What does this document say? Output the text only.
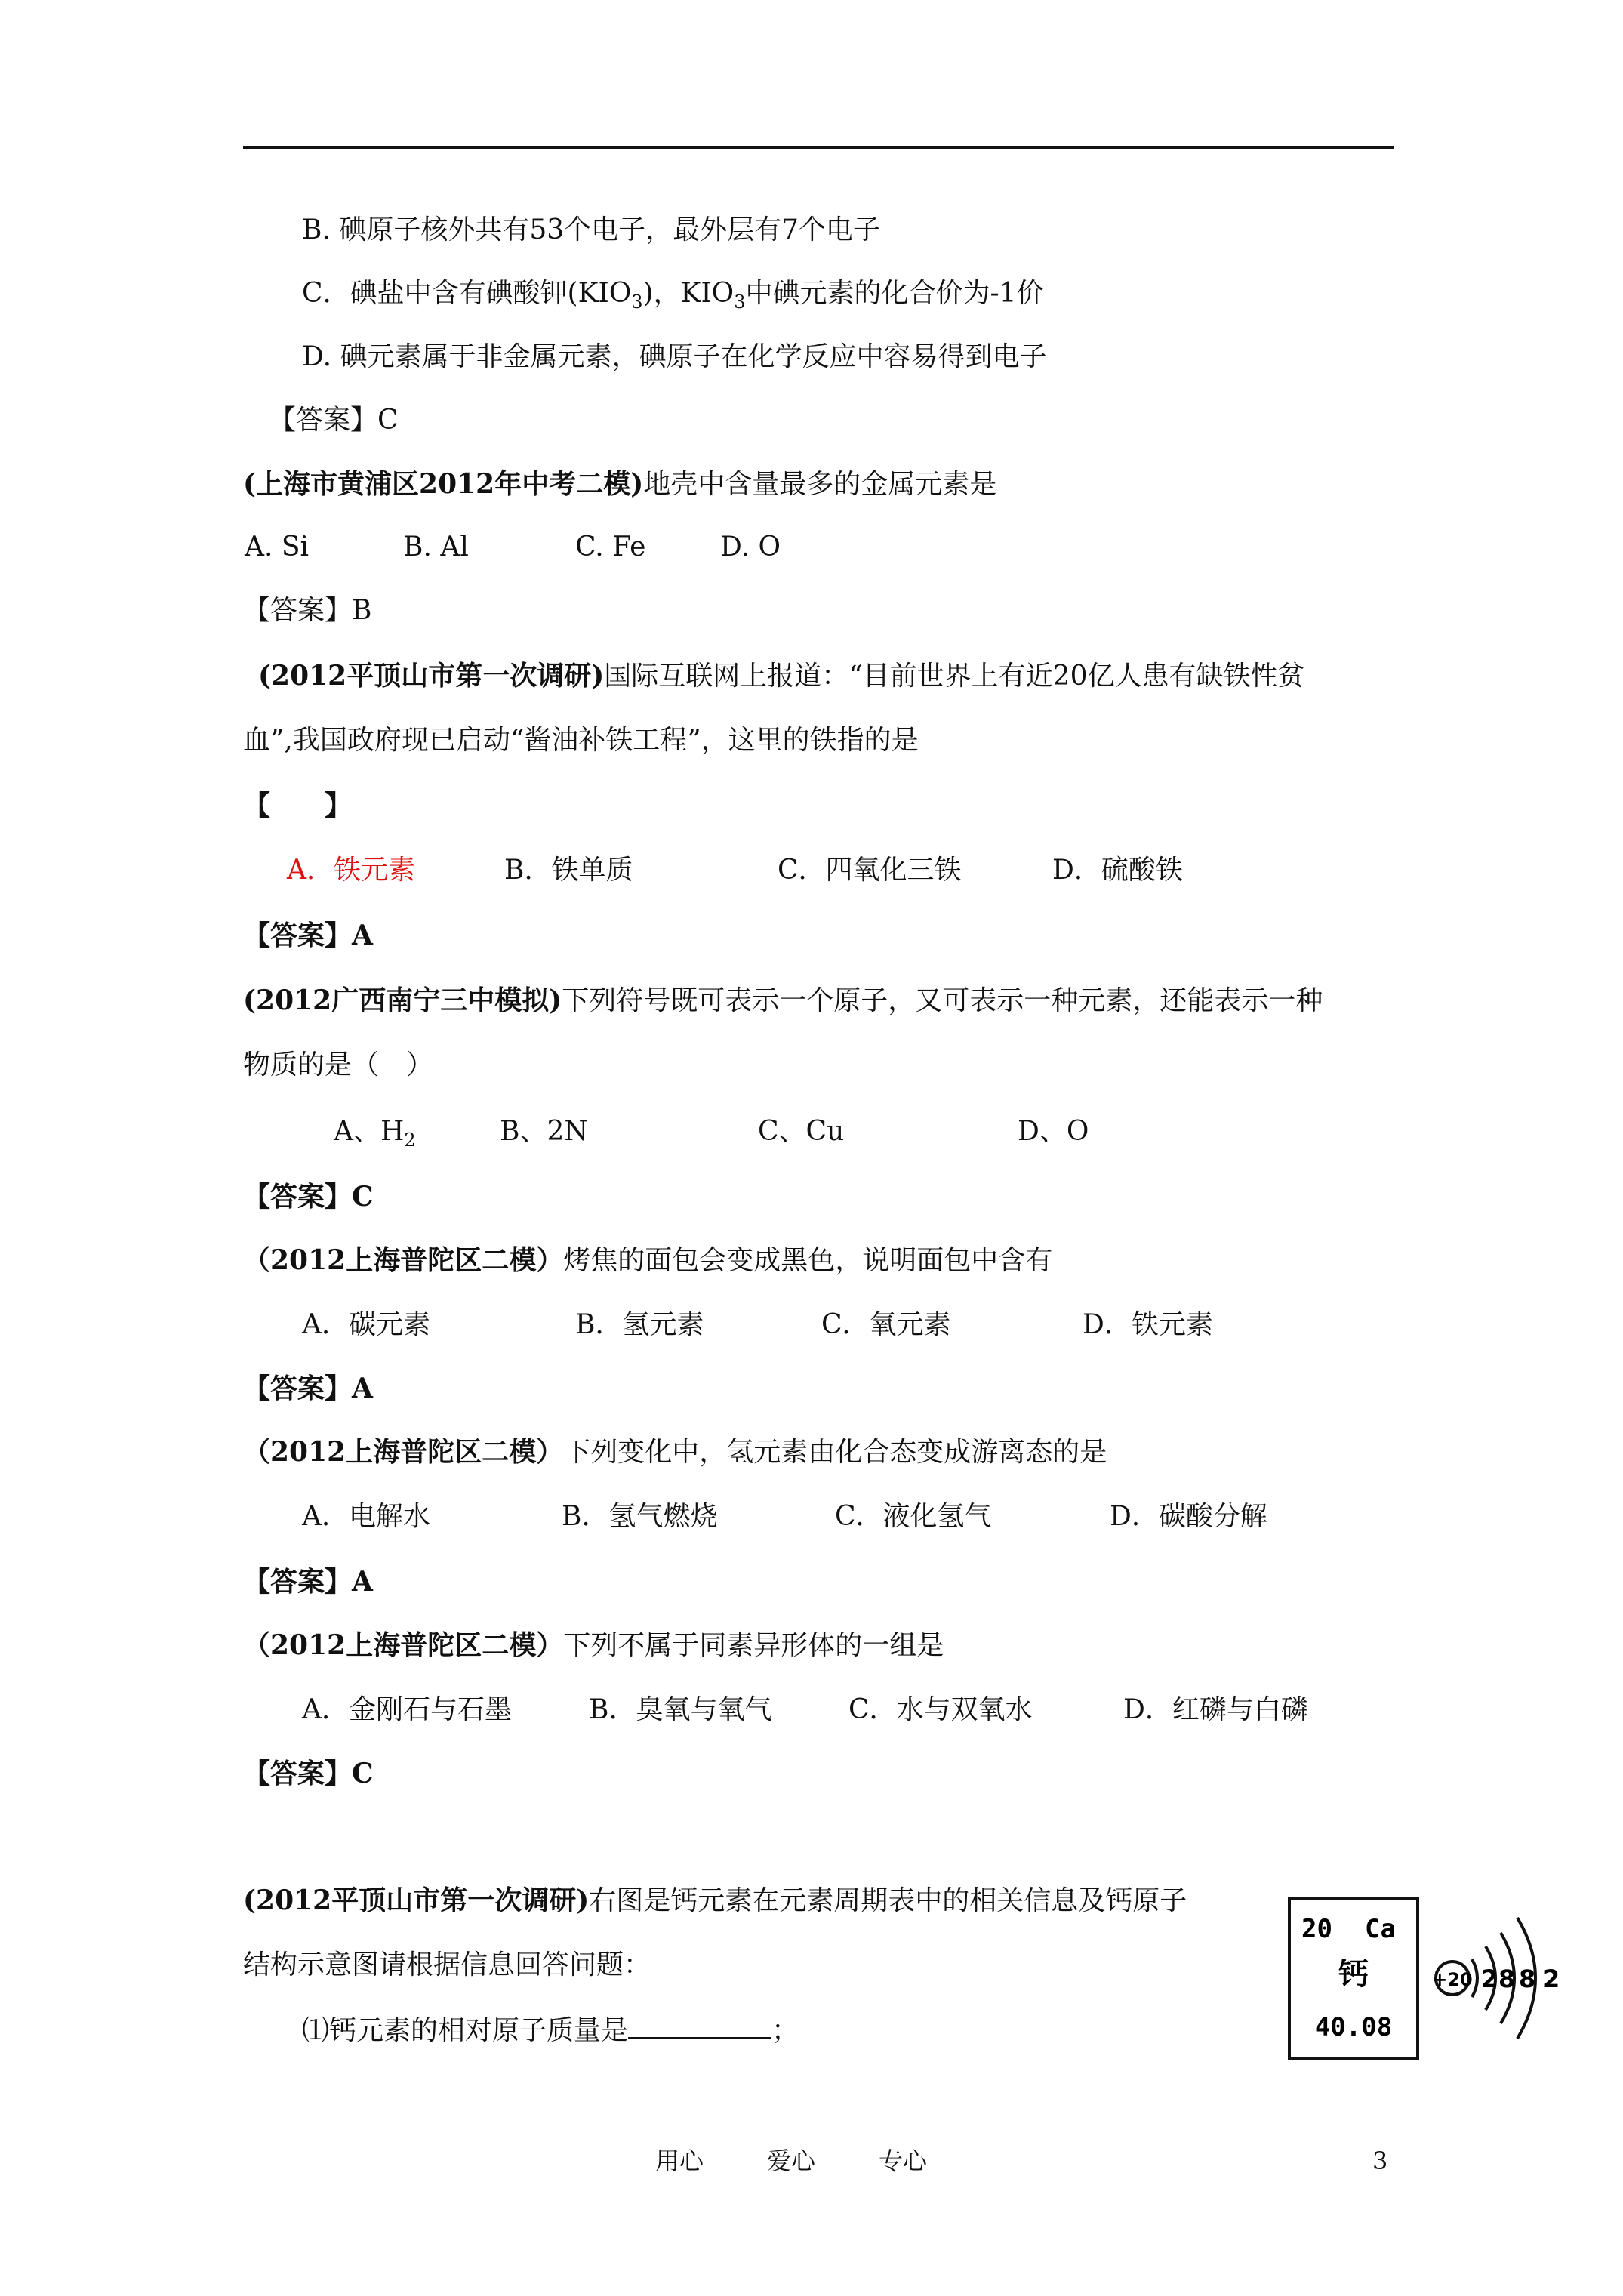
B. 碘原子核外共有53个电子，最外层有7个电子
C．碘盐中含有碘酸钾$(KIO_3)$，$KIO_3$中碘元素的化合价为-1价
D. 碘元素属于非金属元素，碘原子在化学反应中容易得到电子
【答案】C
(上海市黄浦区2012年中考二模)地壳中含量最多的金属元素是
A. Si	B. Al	C. Fe	D. O
【答案】B
(2012平顶山市第一次调研)国际互联网上报道：“目前世界上有近20亿人患有缺铁性贫
血”,我国政府现已启动“酱油补铁工程”，这里的铁指的是
【　　】
A．铁元素	B．铁单质	C．四氧化三铁	D．硫酸铁
【答案】A
(2012广西南宁三中模拟)下列符号既可表示一个原子，又可表示一种元素，还能表示一种
物质的是（　）
A、$H_2$	B、2N	C、Cu	D、O
【答案】C
（2012上海普陀区二模）烤焦的面包会变成黑色，说明面包中含有
A．碳元素	B．氢元素	C．氧元素	D．铁元素
【答案】A
（2012上海普陀区二模）下列变化中，氢元素由化合态变成游离态的是
A．电解水	B．氢气燃烧	C．液化氢气	D．碳酸分解
【答案】A
（2012上海普陀区二模）下列不属于同素异形体的一组是
A．金刚石与石墨	B．臭氧与氧气	C．水与双氧水	D．红磷与白磷
【答案】C
(2012平顶山市第一次调研)右图是钙元素在元素周期表中的相关信息及钙原子
结构示意图请根据信息回答问题：
⑴钙元素的相对原子质量是	；
20 Ca
钙
40.08
+20 2 8 8 2
用心	爱心	专心	3
